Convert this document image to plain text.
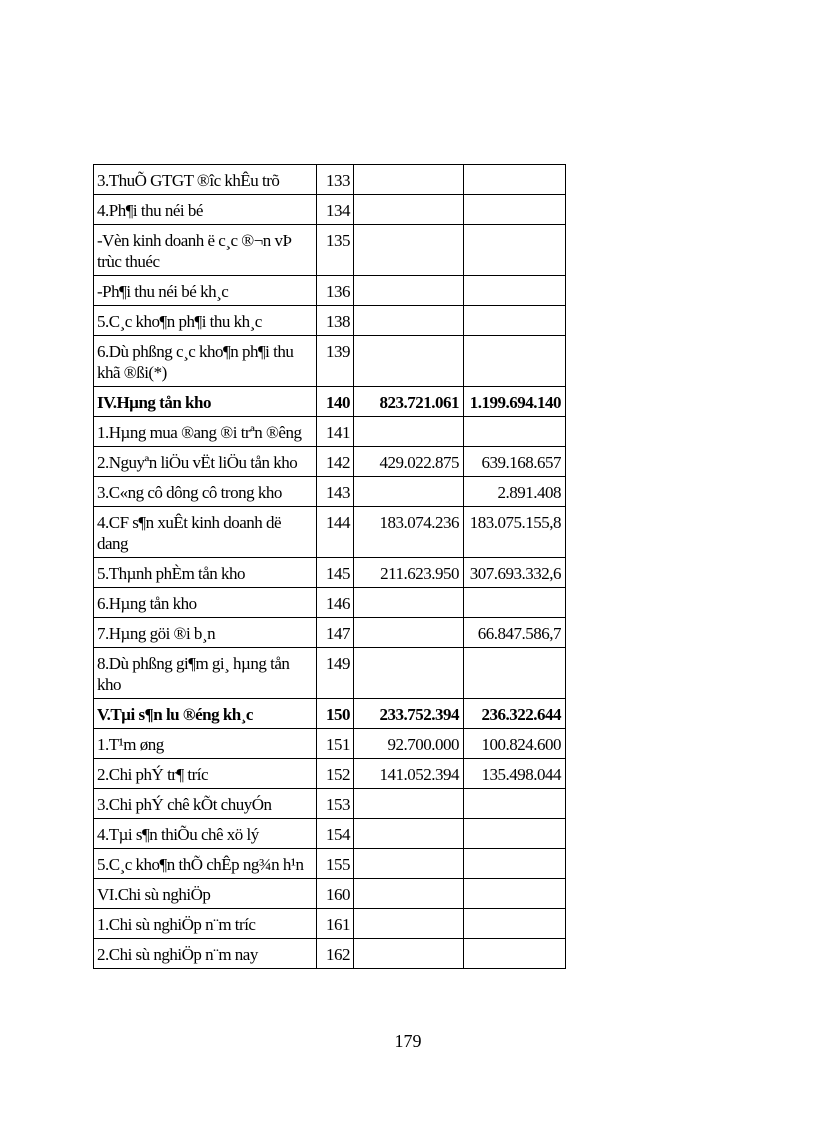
3.ThuÕ GTGT ®îc khÊu trõ	133		
4.Ph¶i thu néi bé	134		
-Vèn kinh doanh ë c¸c ®¬n vÞ trùc thuéc	135		
-Ph¶i thu néi bé kh¸c	136		
5.C¸c kho¶n ph¶i thu kh¸c	138		
6.Dù phßng c¸c kho¶n ph¶i thu khã ®ßi(*)	139		
IV.Hµng tån kho	140	823.721.061	1.199.694.140
1.Hµng mua ®ang ®i trªn ®êng	141		
2.Nguyªn liÖu vËt liÖu tån kho	142	429.022.875	639.168.657
3.C«ng cô dông cô trong kho	143		2.891.408
4.CF s¶n xuÊt kinh doanh dë dang	144	183.074.236	183.075.155,8
5.Thµnh phÈm tån kho	145	211.623.950	307.693.332,6
6.Hµng tån kho	146		
7.Hµng göi ®i b¸n	147		66.847.586,7
8.Dù phßng gi¶m gi¸ hµng tån kho	149		
V.Tµi s¶n lu ®éng kh¸c	150	233.752.394	236.322.644
1.T¹m øng	151	92.700.000	100.824.600
2.Chi phÝ tr¶ tríc	152	141.052.394	135.498.044
3.Chi phÝ chê kÕt chuyÓn	153		
4.Tµi s¶n thiÕu chê xö lý	154		
5.C¸c kho¶n thÕ chÊp ng¾n h¹n	155		
VI.Chi sù nghiÖp	160		
1.Chi sù nghiÖp n¨m tríc	161		
2.Chi sù nghiÖp n¨m nay	162		
179
